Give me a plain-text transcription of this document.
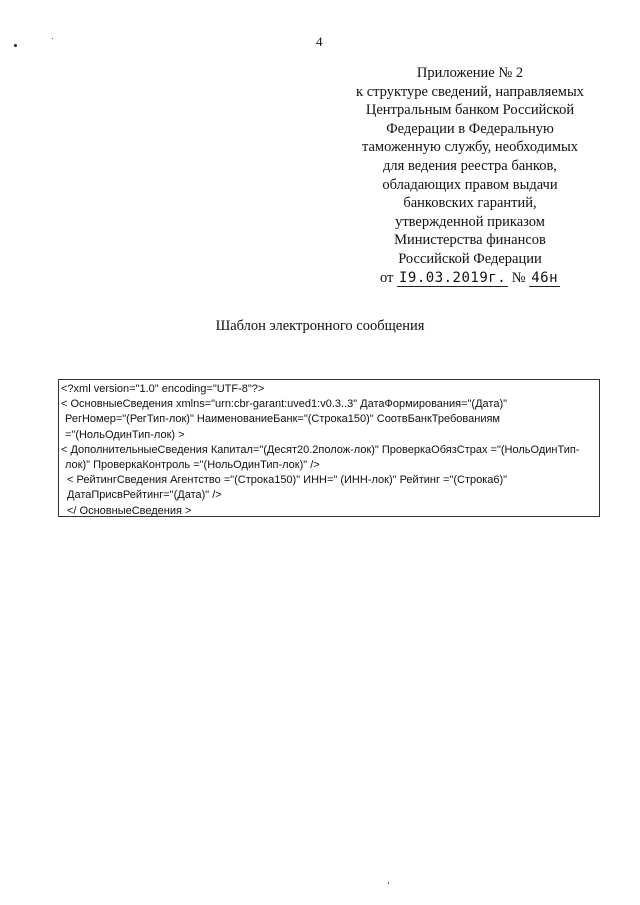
4
Приложение № 2
к структуре сведений, направляемых
Центральным банком Российской
Федерации в Федеральную
таможенную службу, необходимых
для ведения реестра банков,
обладающих правом выдачи
банковских гарантий,
утвержденной приказом
Министерства финансов
Российской Федерации
от I9.03.2019г. № 46н
Шаблон электронного сообщения
<?xml version="1.0" encoding="UTF-8"?>
< ОсновныеСведения xmlns="urn:cbr-garant:uved1:v0.3..3" ДатаФормирования="(Дата)"
РегНомер="(РегТип-лок)" НаименованиеБанк="(Строка150)" СоотвБанкТребованиям
="(НольОдинТип-лок) >
< ДополнительныеСведения Капитал="(Десят20.2полож-лок)" ПроверкаОбязСтрах ="(НольОдинТип-
лок)" ПроверкаКонтроль ="(НольОдинТип-лок)" />
< РейтингСведения Агентство ="(Строка150)" ИНН=" (ИНН-лок)" Рейтинг ="(Строка6)"
ДатаПрисвРейтинг="(Дата)" />
</ ОсновныеСведения >
